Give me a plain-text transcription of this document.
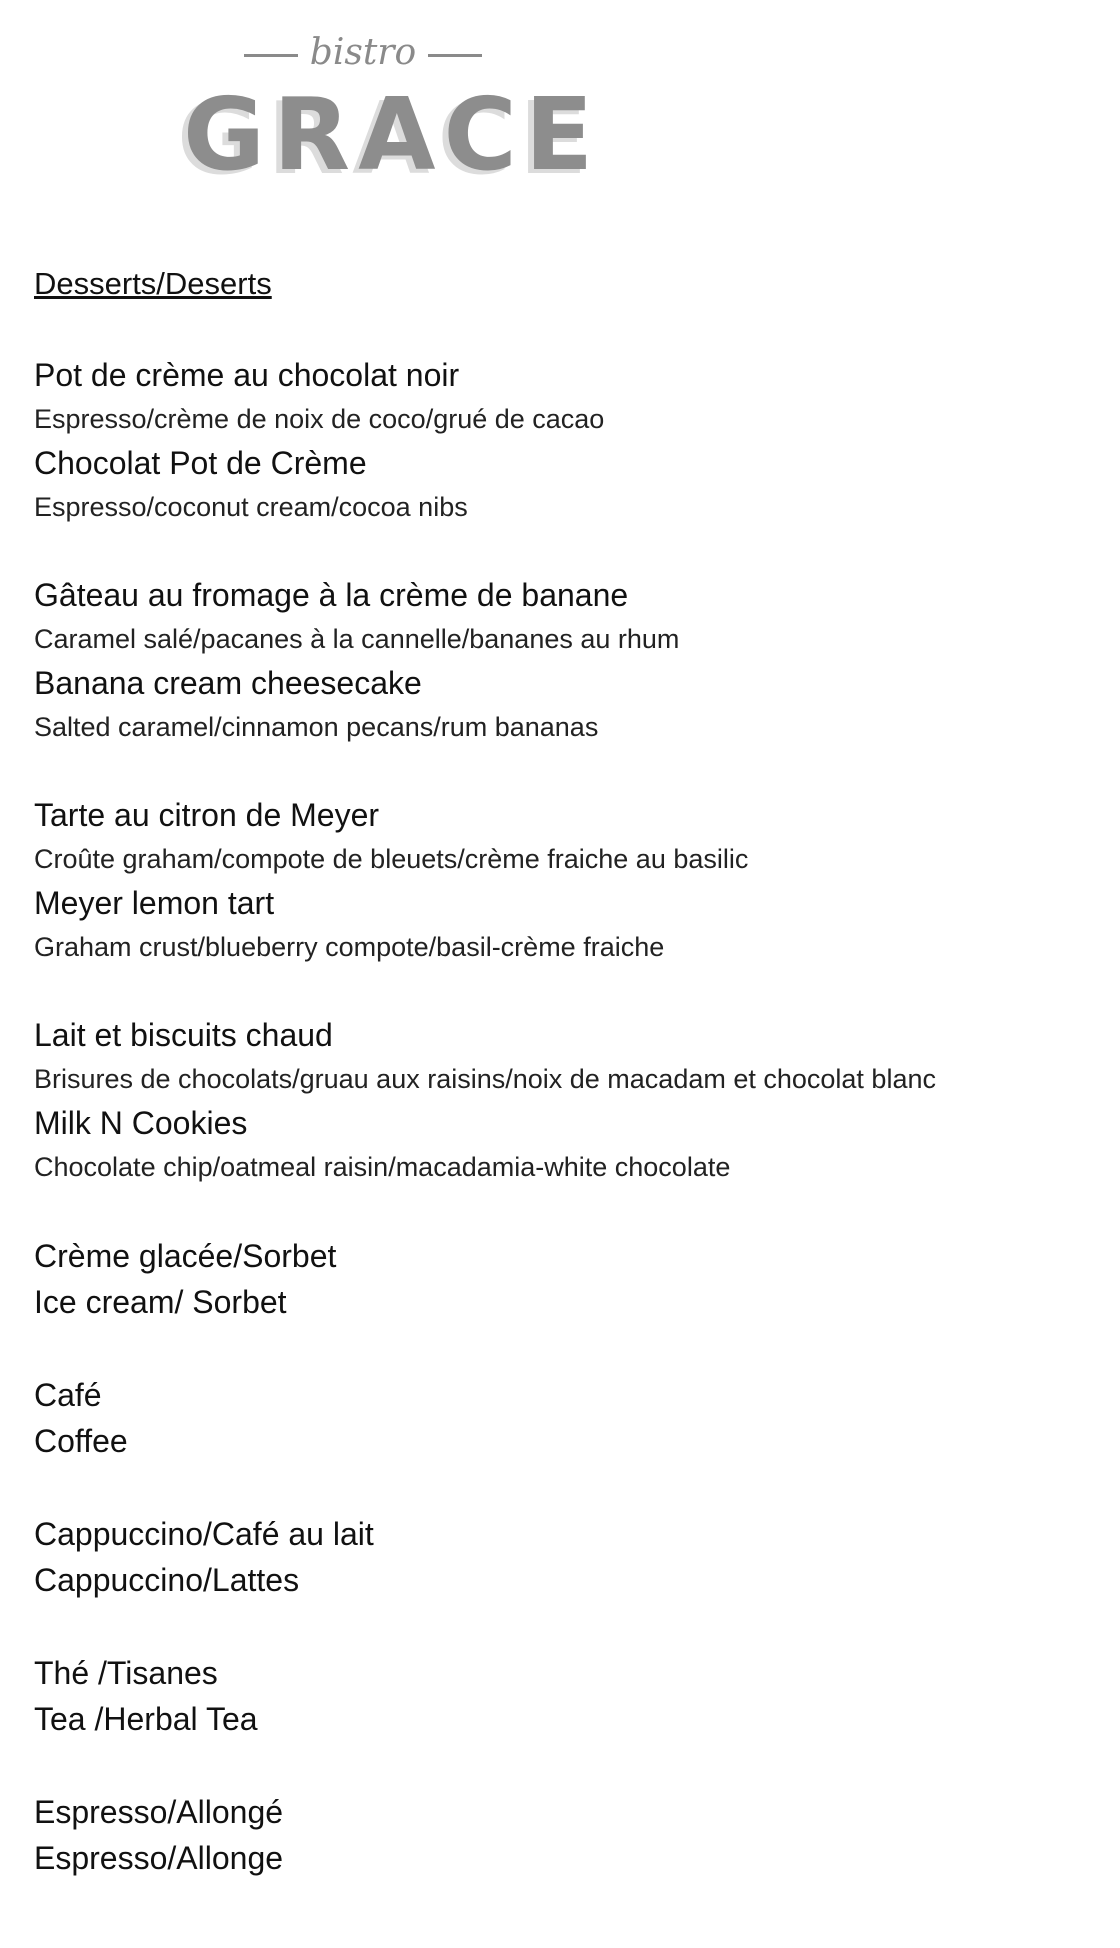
bistro
GRACE
Desserts/Deserts
Pot de crème au chocolat noir
Espresso/crème de noix de coco/grué de cacao
Chocolat Pot de Crème
Espresso/coconut cream/cocoa nibs
Gâteau au fromage à la crème de banane
Caramel salé/pacanes à la cannelle/bananes au rhum
Banana cream cheesecake
Salted caramel/cinnamon pecans/rum bananas
Tarte au citron de Meyer
Croûte graham/compote de bleuets/crème fraiche au basilic
Meyer lemon tart
Graham crust/blueberry compote/basil-crème fraiche
Lait et biscuits chaud
Brisures de chocolats/gruau aux raisins/noix de macadam et chocolat blanc
Milk N Cookies
Chocolate chip/oatmeal raisin/macadamia-white chocolate
Crème glacée/Sorbet
Ice cream/ Sorbet
Café
Coffee
Cappuccino/Café au lait
Cappuccino/Lattes
Thé /Tisanes
Tea /Herbal Tea
Espresso/Allongé
Espresso/Allonge
